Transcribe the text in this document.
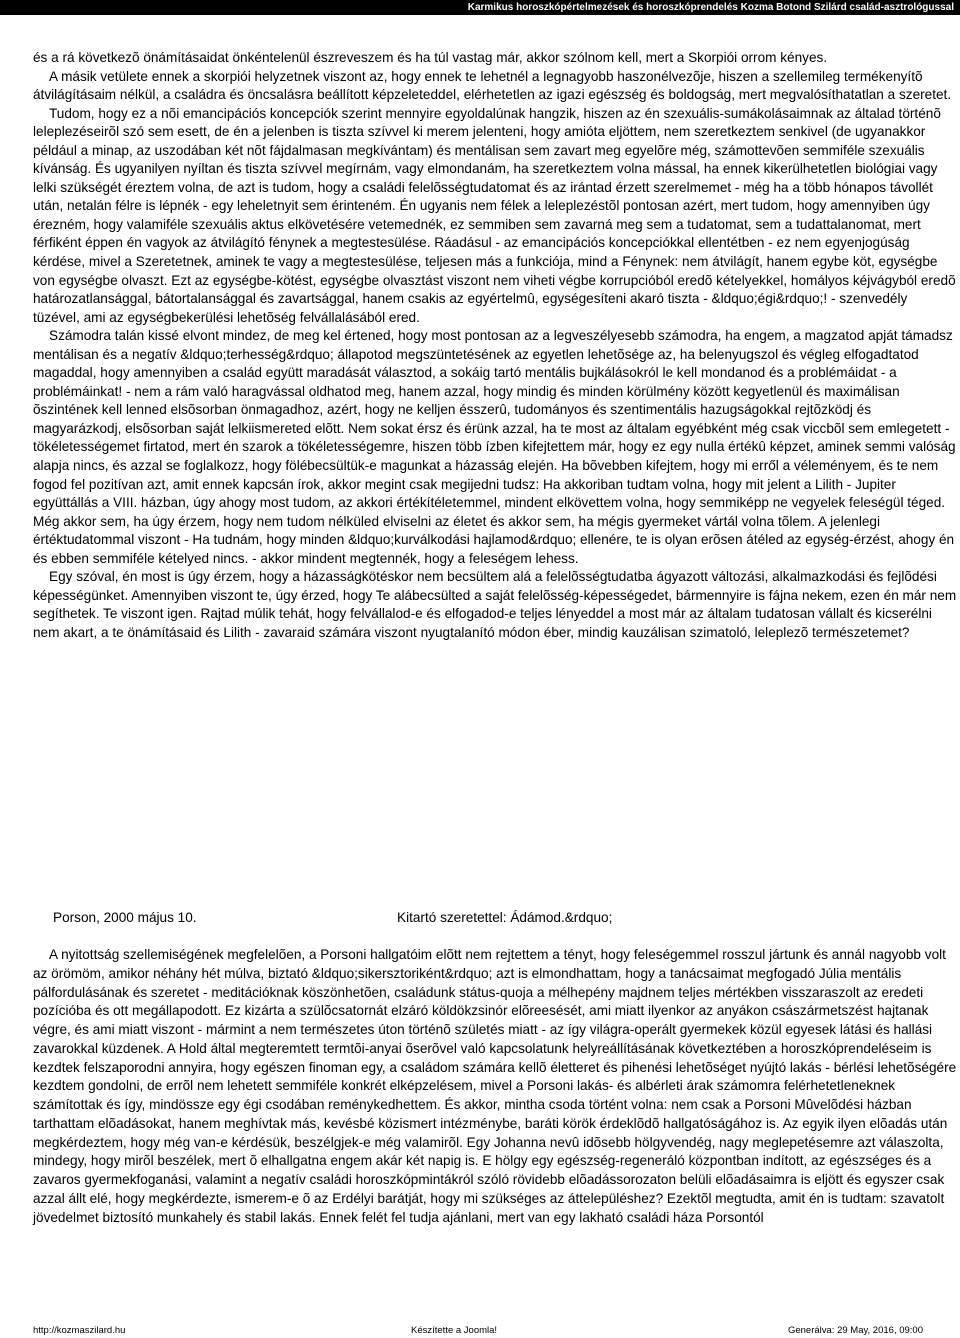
Karmikus horoszkópértelmezések és horoszkóprendelés Kozma Botond Szilárd család-asztrológussal

és a rá következõ önámításaidat önkéntelenül észreveszem és ha túl vastag már, akkor szólnom kell, mert a Skorpiói orrom kényes.

A másik vetülete ennek a skorpiói helyzetnek viszont az, hogy ennek te lehetnél a legnagyobb haszonélvezõje, hiszen a szellemileg termékenyítõ átvilágításaim nélkül, a családra és öncsalásra beállított képzeleteddel, elérhetetlen az igazi egészség és boldogság, mert megvalósíthatatlan a szeretet.

Tudom, hogy ez a nõi emancipációs koncepciók szerint mennyire egyoldalúnak hangzik, hiszen az én szexuális-sumákolásaimnak az általad történõ leleplezéseirõl szó sem esett, de én a jelenben is tiszta szívvel ki merem jelenteni, hogy amióta eljöttem, nem szeretkeztem senkivel (de ugyanakkor például a minap, az uszodában két nõt fájdalmasan megkívántam) és mentálisan sem zavart meg egyelõre még, számottevõen semmiféle szexuális kívánság. És ugyanilyen nyíltan és tiszta szívvel megírnám, vagy elmondanám, ha szeretkeztem volna mással, ha ennek kikerülhetetlen biológiai vagy lelki szükségét éreztem volna, de azt is tudom, hogy a családi felelõsségtudatomat és az irántad érzett szerelmemet - még ha a több hónapos távollét után, netalán félre is lépnék - egy leheletnyit sem érinteném. Én ugyanis nem félek a leleplezéstõl pontosan azért, mert tudom, hogy amennyiben úgy érezném, hogy valamiféle szexuális aktus elkövetésére vetemednék, ez semmiben sem zavarná meg sem a tudatomat, sem a tudattalanomat, mert férfiként éppen én vagyok az átvilágító fénynek a megtestesülése. Ráadásul - az emancipációs koncepciókkal ellentétben - ez nem egyenjogúság kérdése, mivel a Szeretetnek, aminek te vagy a megtestesülése, teljesen más a funkciója, mind a Fénynek: nem átvilágít, hanem egybe köt, egységbe von egységbe olvaszt. Ezt az egységbe-kötést, egységbe olvasztást viszont nem viheti végbe korrupcióból eredõ kételyekkel, homályos kéjvágyból eredõ határozatlansággal, bátortalansággal és zavartsággal, hanem csakis az egyértelmû, egységesíteni akaró tiszta - &ldquo;égi&rdquo;! - szenvedély tüzével, ami az egységbekerülési lehetõség felvállalásából ered.

Számodra talán kissé elvont mindez, de meg kel értened, hogy most pontosan az a legveszélyesebb számodra, ha engem, a magzatod apját támadsz mentálisan és a negatív &ldquo;terhesség&rdquo; állapotod megszüntetésének az egyetlen lehetõsége az, ha belenyugszol és végleg elfogadtatod magaddal, hogy amennyiben a család együtt maradását választod, a sokáig tartó mentális bujkálásokról le kell mondanod és a problémáidat - a problémáinkat! - nem a rám való haragvással oldhatod meg, hanem azzal, hogy mindig és minden körülmény között kegyetlenül és maximálisan õszintének kell lenned elsõsorban önmagadhoz, azért, hogy ne kelljen ésszerû, tudományos és szentimentális hazugságokkal rejtõzködj és magyarázkodj, elsõsorban saját lelkiismereted elõtt. Nem sokat érsz és érünk azzal, ha te most az általam egyébként még csak viccbõl sem emlegetett - tökéletességemet firtatod, mert én szarok a tökéletességemre, hiszen több ízben kifejtettem már, hogy ez egy nulla értékû képzet, aminek semmi valóság alapja nincs, és azzal se foglalkozz, hogy fölébecsültük-e magunkat a házasság elején. Ha bõvebben kifejtem, hogy mi erről a véleményem, és te nem fogod fel pozitívan azt, amit ennek kapcsán írok, akkor megint csak megijedni tudsz: Ha akkoriban tudtam volna, hogy mit jelent a Lilith - Jupiter együttállás a VIII. házban, úgy ahogy most tudom, az akkori értékítéletemmel, mindent elkövettem volna, hogy semmiképp ne vegyelek feleségül téged. Még akkor sem, ha úgy érzem, hogy nem tudom nélküled elviselni az életet és akkor sem, ha mégis gyermeket vártál volna tõlem. A jelenlegi értéktudatommal viszont - Ha tudnám, hogy minden &ldquo;kurválkodási hajlamod&rdquo; ellenére, te is olyan erõsen átéled az egység-érzést, ahogy én és ebben semmiféle kételyed nincs. - akkor mindent megtennék, hogy a feleségem lehess.

Egy szóval, én most is úgy érzem, hogy a házasságkötéskor nem becsültem alá a felelõsségtudatba ágyazott változási, alkalmazkodási és fejlõdési képességünket. Amennyiben viszont te, úgy érzed, hogy Te alábecsülted a saját felelõsség-képességedet, bármennyire is fájna nekem, ezen én már nem segíthetek. Te viszont igen. Rajtad múlik tehát, hogy felvállalod-e és elfogadod-e teljes lényeddel a most már az általam tudatosan vállalt és kicserélni nem akart, a te önámításaid és Lilith - zavaraid számára viszont nyugtalanító módon éber, mindig kauzálisan szimatoló, leleplezõ természetemet?

Porson, 2000 május 10.	Kitartó szeretettel: Ádámod.&rdquo;

A nyitottság szellemiségének megfelelõen, a Porsoni hallgatóim elõtt nem rejtettem a tényt, hogy feleségemmel rosszul jártunk és annál nagyobb volt az örömöm, amikor néhány hét múlva, biztató &ldquo;sikersztoriként&rdquo; azt is elmondhattam, hogy a tanácsaimat megfogadó Júlia mentális pálfordulásának és szeretet - meditációknak köszönhetõen, családunk státus-quoja a mélhepény majdnem teljes mértékben visszaraszolt az eredeti pozícióba és ott megállapodott. Ez kizárta a szülõcsatornát elzáró köldökzsinór elõreesését, ami miatt ilyenkor az anyákon császármetszést hajtanak végre, és ami miatt viszont - mármint a nem természetes úton történõ születés miatt - az így világra-operált gyermekek közül egyesek látási és hallási zavarokkal küzdenek. A Hold által megteremtett termtõi-anyai õserõvel való kapcsolatunk helyreállításának következtében a horoszkóprendeléseim is kezdtek felszaporodni annyira, hogy egészen finoman egy, a családom számára kellõ életteret és pihenési lehetõséget nyújtó lakás - bérlési lehetõségére kezdtem gondolni, de errõl nem lehetett semmiféle konkrét elképzelésem, mivel a Porsoni lakás- és albérleti árak számomra felérhetetleneknek számítottak és így, mindössze egy égi csodában reménykedhettem. És akkor, mintha csoda történt volna: nem csak a Porsoni Mûvelõdési házban tarthattam elõadásokat, hanem meghívtak más, kevésbé közismert intézménybe, baráti körök érdeklõdõ hallgatóságához is. Az egyik ilyen elõadás után megkérdeztem, hogy még van-e kérdésük, beszélgjek-e még valamirõl. Egy Johanna nevû idõsebb hölgyvendég, nagy meglepetésemre azt válaszolta, mindegy, hogy mirõl beszélek, mert õ elhallgatna engem akár két napig is. E hölgy egy egészség-regeneráló központban indított, az egészséges és a zavaros gyermekfoganási, valamint a negatív családi horoszkópmintákról szóló rövidebb elõadássorozaton belüli elõadásaimra is eljött és egyszer csak azzal állt elé, hogy megkérdezte, ismerem-e õ az Erdélyi barátját, hogy mi szükséges az áttelepüléshez? Ezektõl megtudta, amit én is tudtam: szavatolt jövedelmet biztosító munkahely és stabil lakás. Ennek felét fel tudja ajánlani, mert van egy lakható családi háza Porsontól

http://kozmaszilard.hu	Készítette a Joomla!	Generálva: 29 May, 2016, 09:00
